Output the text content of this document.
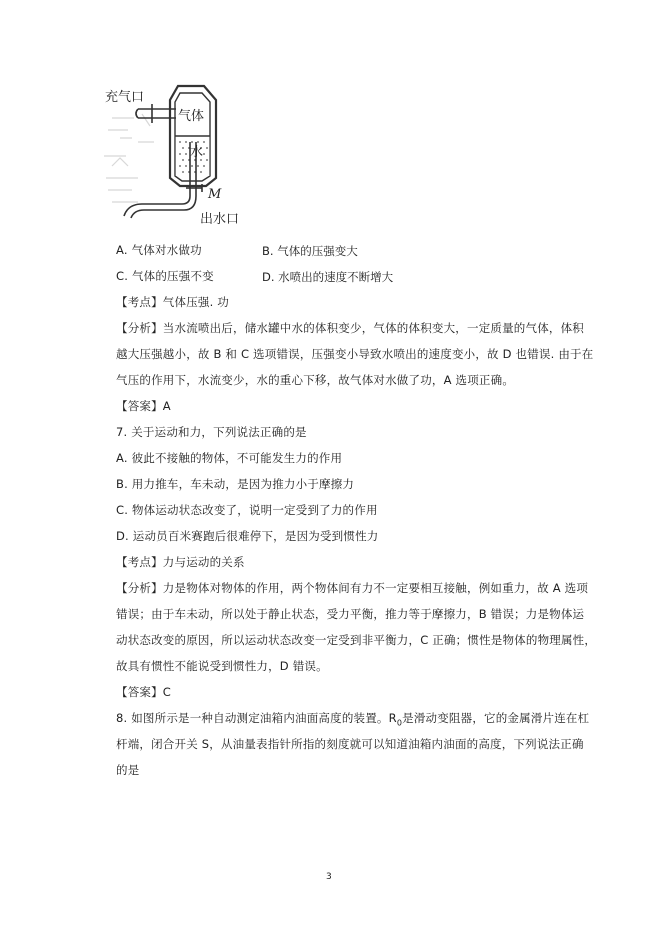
充气口
气体
水
M
出水口
A. 气体对水做功	B. 气体的压强变大
C. 气体的压强不变	D. 水喷出的速度不断增大
【考点】气体压强. 功
【分析】当水流喷出后，储水罐中水的体积变少，气体的体积变大，一定质量的气体，体积
越大压强越小，故 B 和 C 选项错误，压强变小导致水喷出的速度变小，故 D 也错误. 由于在
气压的作用下，水流变少，水的重心下移，故气体对水做了功，A 选项正确。
【答案】A
7. 关于运动和力，下列说法正确的是
A. 彼此不接触的物体，不可能发生力的作用
B. 用力推车，车未动，是因为推力小于摩擦力
C. 物体运动状态改变了，说明一定受到了力的作用
D. 运动员百米赛跑后很难停下，是因为受到惯性力
【考点】力与运动的关系
【分析】力是物体对物体的作用，两个物体间有力不一定要相互接触，例如重力，故 A 选项
错误；由于车未动，所以处于静止状态，受力平衡，推力等于摩擦力，B 错误；力是物体运
动状态改变的原因，所以运动状态改变一定受到非平衡力，C 正确；惯性是物体的物理属性，
故具有惯性不能说受到惯性力，D 错误。
【答案】C
8. 如图所示是一种自动测定油箱内油面高度的装置。$R_0$是滑动变阻器，它的金属滑片连在杠
杆端，闭合开关 S，从油量表指针所指的刻度就可以知道油箱内油面的高度，下列说法正确
的是
3
